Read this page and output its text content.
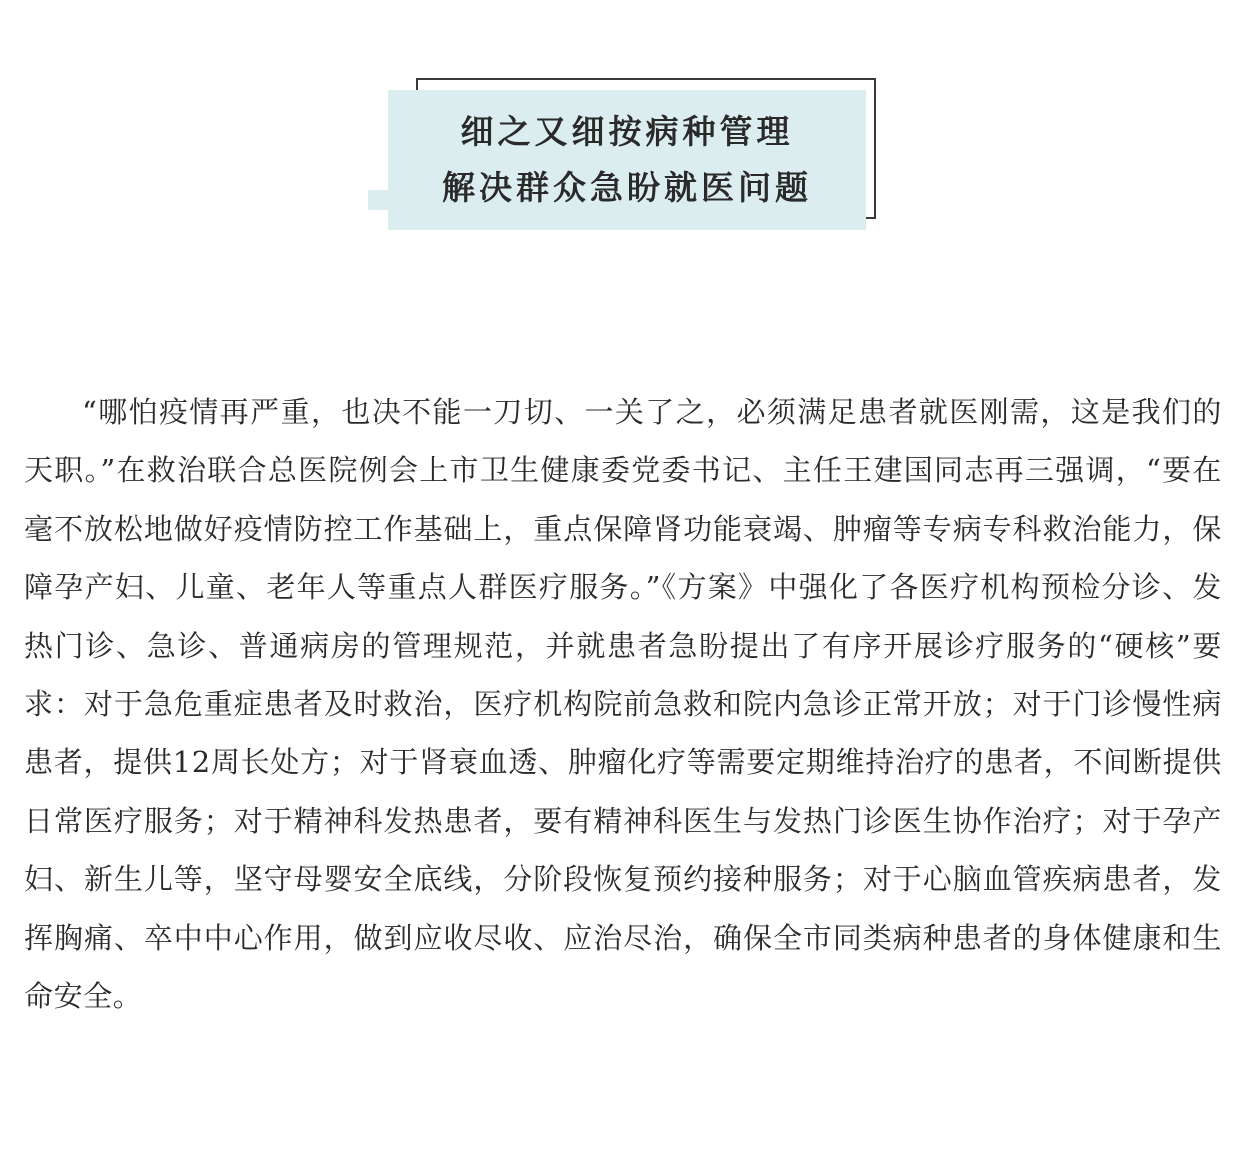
细之又细按病种管理
解决群众急盼就医问题

“哪怕疫情再严重，也决不能一刀切、一关了之，必须满足患者就医刚需，这是我们的天职。”在救治联合总医院例会上市卫生健康委党委书记、主任王建国同志再三强调，“要在毫不放松地做好疫情防控工作基础上，重点保障肾功能衰竭、肿瘤等专病专科救治能力，保障孕产妇、儿童、老年人等重点人群医疗服务。”《方案》中强化了各医疗机构预检分诊、发热门诊、急诊、普通病房的管理规范，并就患者急盼提出了有序开展诊疗服务的“硬核”要求：对于急危重症患者及时救治，医疗机构院前急救和院内急诊正常开放；对于门诊慢性病患者，提供12周长处方；对于肾衰血透、肿瘤化疗等需要定期维持治疗的患者，不间断提供日常医疗服务；对于精神科发热患者，要有精神科医生与发热门诊医生协作治疗；对于孕产妇、新生儿等，坚守母婴安全底线，分阶段恢复预约接种服务；对于心脑血管疾病患者，发挥胸痛、卒中中心作用，做到应收尽收、应治尽治，确保全市同类病种患者的身体健康和生命安全。
